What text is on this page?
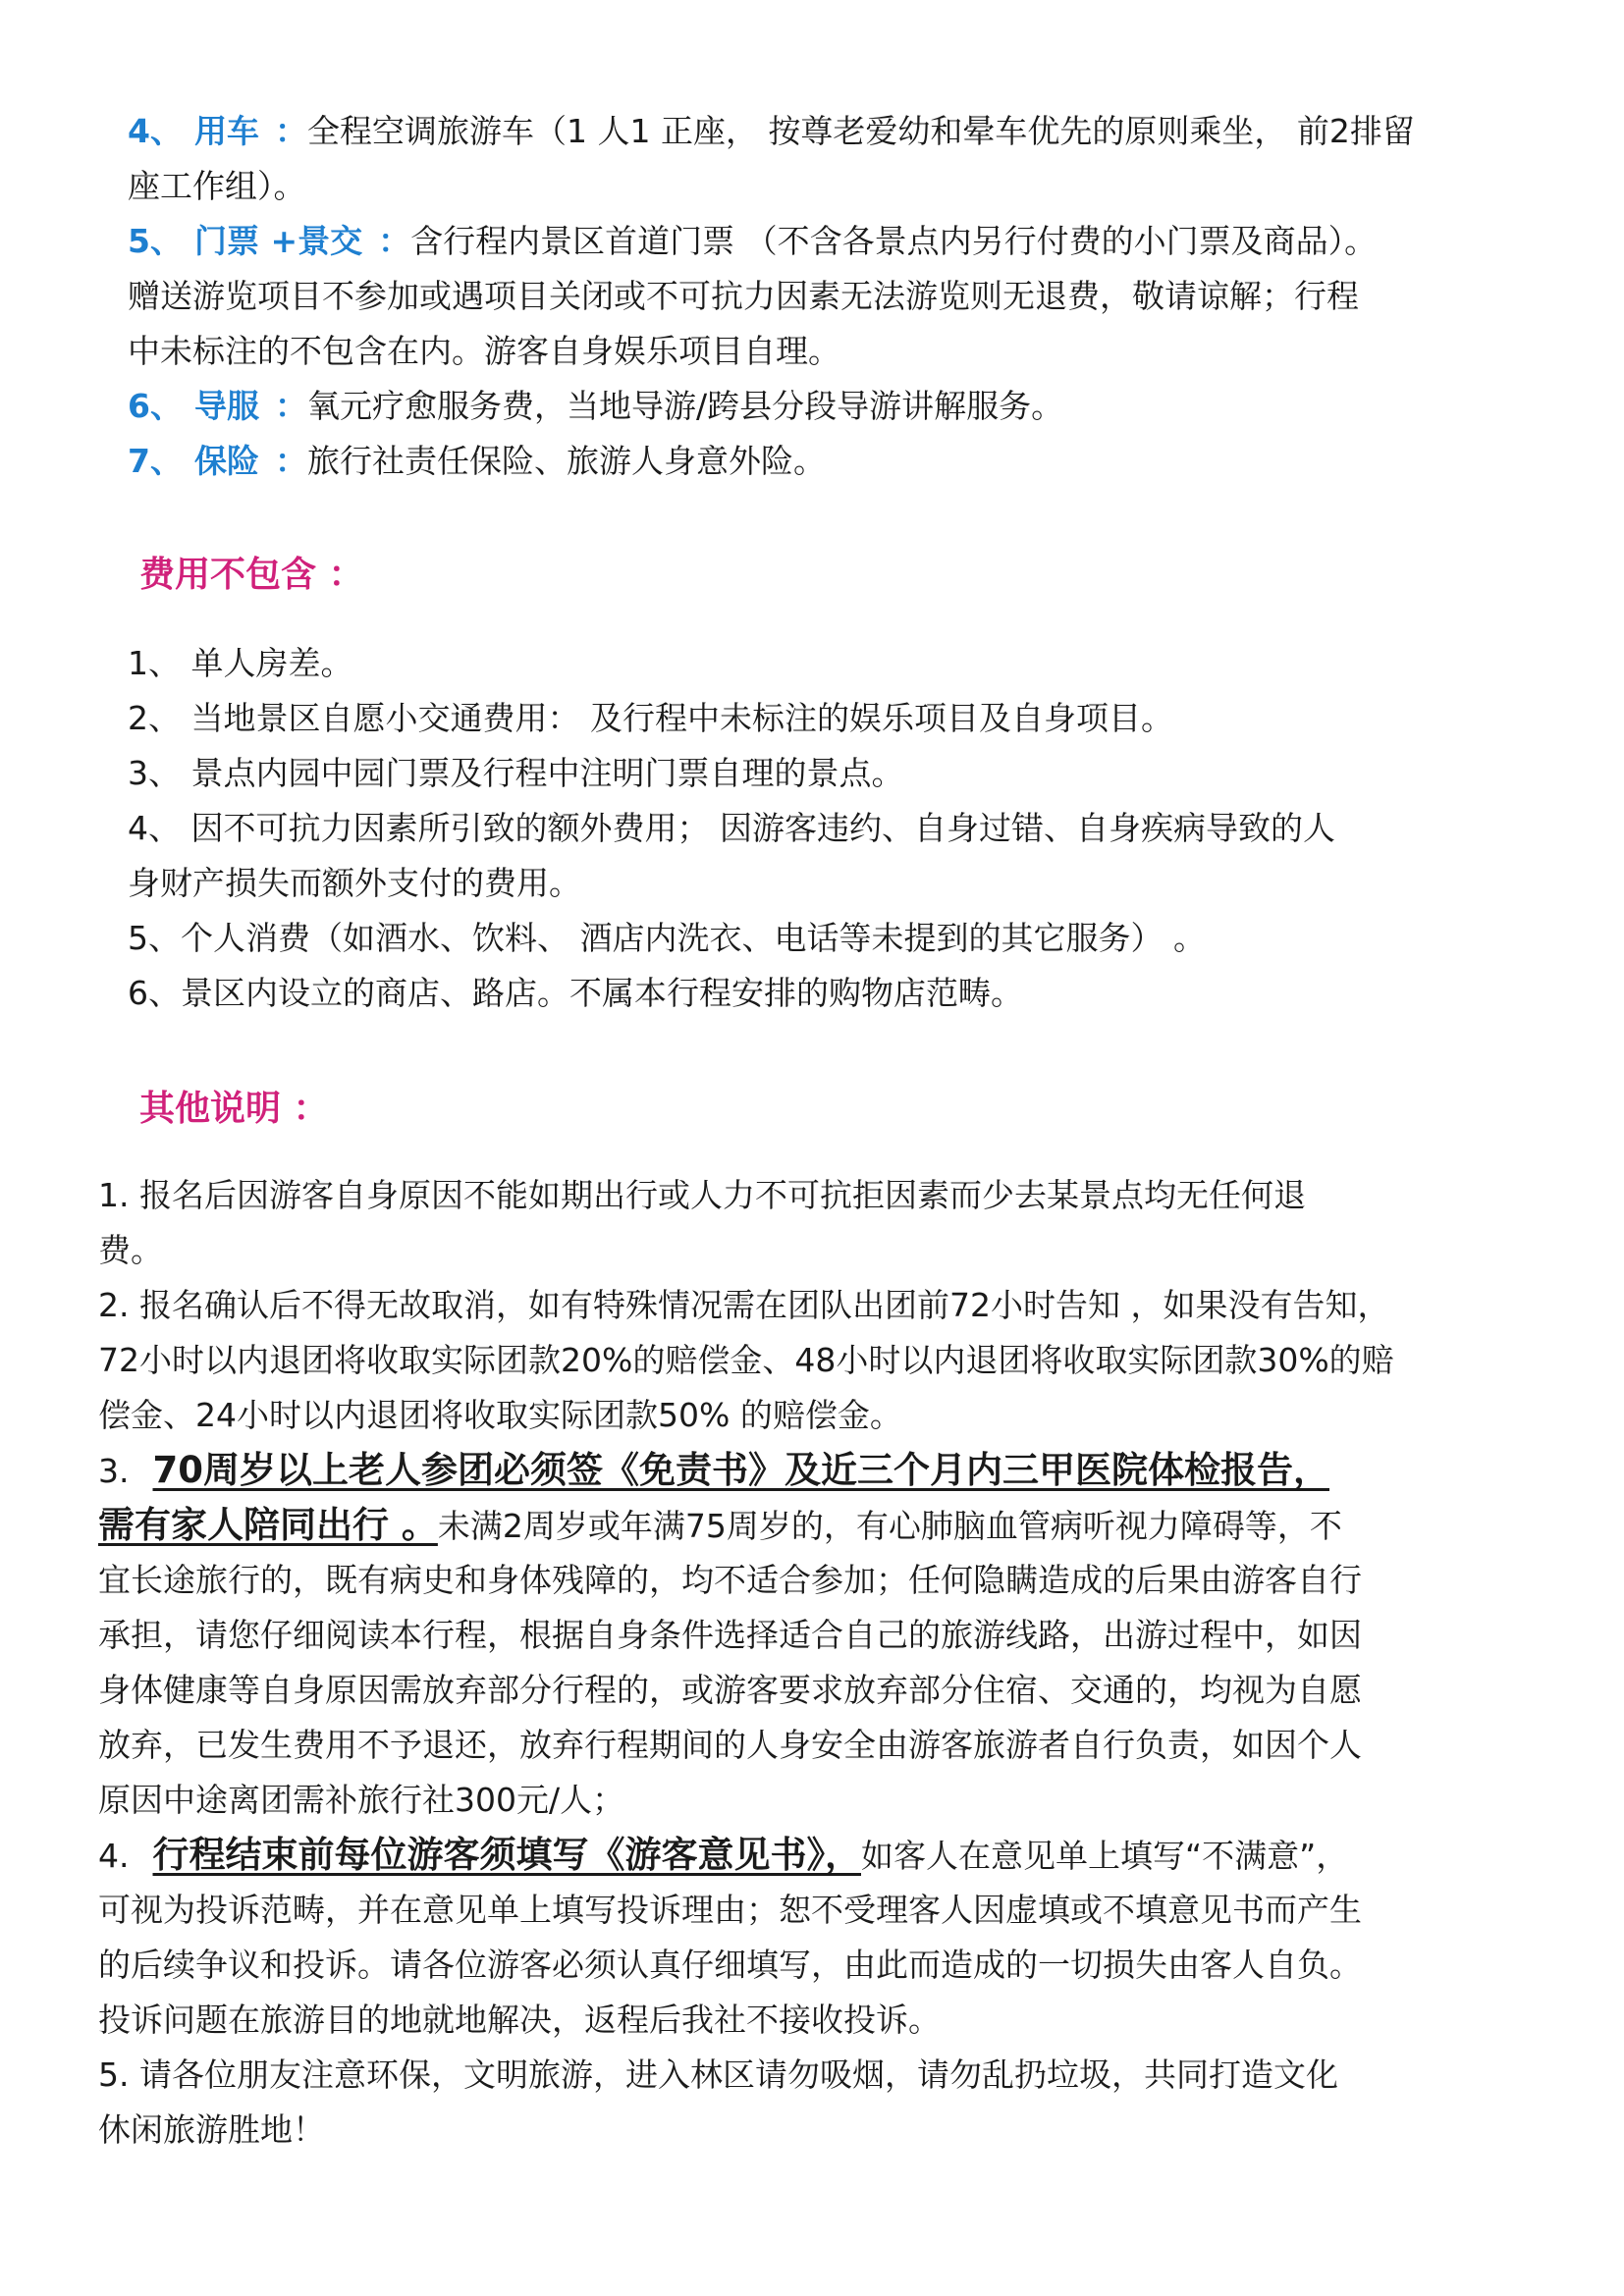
4、 用车 ：全程空调旅游车（1 人1 正座， 按尊老爱幼和晕车优先的原则乘坐， 前2排留
座工作组）。
5、 门票 +景交 ：含行程内景区首道门票 （不含各景点内另行付费的小门票及商品）。
赠送游览项目不参加或遇项目关闭或不可抗力因素无法游览则无退费，敬请谅解；行程
中未标注的不包含在内。游客自身娱乐项目自理。
6、 导服 ：氧元疗愈服务费，当地导游/跨县分段导游讲解服务。
7、 保险 ：旅行社责任保险、旅游人身意外险。
费用不包含 ：
1、 单人房差。
2、 当地景区自愿小交通费用： 及行程中未标注的娱乐项目及自身项目。
3、 景点内园中园门票及行程中注明门票自理的景点。
4、 因不可抗力因素所引致的额外费用； 因游客违约、自身过错、自身疾病导致的人
身财产损失而额外支付的费用。
5、个人消费（如酒水、饮料、 酒店内洗衣、电话等未提到的其它服务） 。
6、景区内设立的商店、路店。不属本行程安排的购物店范畴。
其他说明 ：
1. 报名后因游客自身原因不能如期出行或人力不可抗拒因素而少去某景点均无任何退
费。
2. 报名确认后不得无故取消，如有特殊情况需在团队出团前72小时告知 ，如果没有告知，
72小时以内退团将收取实际团款20%的赔偿金、48小时以内退团将收取实际团款30%的赔
偿金、24小时以内退团将收取实际团款50% 的赔偿金。
3. 70周岁以上老人参团必须签《免责书》及近三个月内三甲医院体检报告，
需有家人陪同出行 。未满2周岁或年满75周岁的，有心肺脑血管病听视力障碍等，不
宜长途旅行的，既有病史和身体残障的，均不适合参加；任何隐瞒造成的后果由游客自行
承担，请您仔细阅读本行程，根据自身条件选择适合自己的旅游线路，出游过程中，如因
身体健康等自身原因需放弃部分行程的，或游客要求放弃部分住宿、交通的，均视为自愿
放弃，已发生费用不予退还，放弃行程期间的人身安全由游客旅游者自行负责，如因个人
原因中途离团需补旅行社300元/人；
4. 行程结束前每位游客须填写《游客意见书》，如客人在意见单上填写“不满意”，
可视为投诉范畴，并在意见单上填写投诉理由；恕不受理客人因虚填或不填意见书而产生
的后续争议和投诉。请各位游客必须认真仔细填写，由此而造成的一切损失由客人自负。
投诉问题在旅游目的地就地解决，返程后我社不接收投诉。
5. 请各位朋友注意环保，文明旅游，进入林区请勿吸烟，请勿乱扔垃圾，共同打造文化
休闲旅游胜地！
